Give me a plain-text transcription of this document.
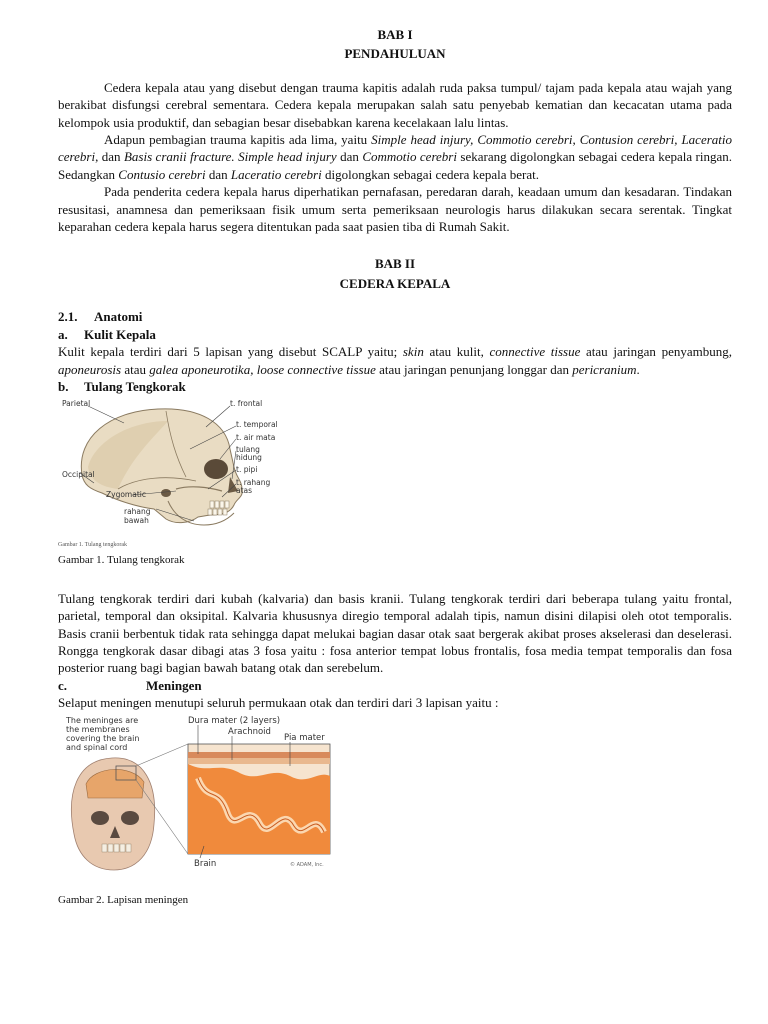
BAB I

PENDAHULUAN

Cedera kepala atau yang disebut dengan trauma kapitis adalah ruda paksa tumpul/ tajam pada kepala atau wajah yang berakibat disfungsi cerebral sementara. Cedera kepala merupakan salah satu penyebab kematian dan kecacatan utama pada kelompok usia produktif, dan sebagian besar disebabkan karena kecelakaan lalu lintas.

Adapun pembagian trauma kapitis ada lima, yaitu Simple head injury, Commotio cerebri, Contusion cerebri, Laceratio cerebri, dan Basis cranii fracture. Simple head injury dan Commotio cerebri sekarang digolongkan sebagai cedera kepala ringan. Sedangkan Contusio cerebri dan Laceratio cerebri digolongkan sebagai cedera kepala berat.

Pada penderita cedera kepala harus diperhatikan pernafasan, peredaran darah, keadaan umum dan kesadaran. Tindakan resusitasi, anamnesa dan pemeriksaan fisik umum serta pemeriksaan neurologis harus dilakukan secara serentak. Tingkat keparahan cedera kepala harus segera ditentukan pada saat pasien tiba di Rumah Sakit.

BAB II

CEDERA KEPALA

2.1. Anatomi

a. Kulit Kepala

Kulit kepala terdiri dari 5 lapisan yang disebut SCALP yaitu; skin atau kulit, connective tissue atau jaringan penyambung, aponeurosis atau galea aponeurotika, loose connective tissue atau jaringan penunjang longgar dan pericranium.

b. Tulang Tengkorak

Parietal	t. frontal
t. temporal
t. air mata
tulang
hidung
t. pipi
t. rahang
atas
Occipital
Zygomatic
rahang
bawah
Gambar 1. Tulang tengkorak
Gambar 1. Tulang tengkorak

Tulang tengkorak terdiri dari kubah (kalvaria) dan basis kranii. Tulang tengkorak terdiri dari beberapa tulang yaitu frontal, parietal, temporal dan oksipital. Kalvaria khususnya diregio temporal adalah tipis, namun disini dilapisi oleh otot temporalis. Basis cranii berbentuk tidak rata sehingga dapat melukai bagian dasar otak saat bergerak akibat proses akselerasi dan deselerasi. Rongga tengkorak dasar dibagi atas 3 fosa yaitu : fosa anterior tempat lobus frontalis, fosa media tempat temporalis dan fosa posterior ruang bagi bagian bawah batang otak dan serebelum.

c.	Meningen

Selaput meningen menutupi seluruh permukaan otak dan terdiri dari 3 lapisan yaitu :

The meninges are
the membranes
covering the brain
and spinal cord
Dura mater (2 layers)
Arachnoid
Pia mater
Brain	© ADAM, Inc.
Gambar 2. Lapisan meningen
